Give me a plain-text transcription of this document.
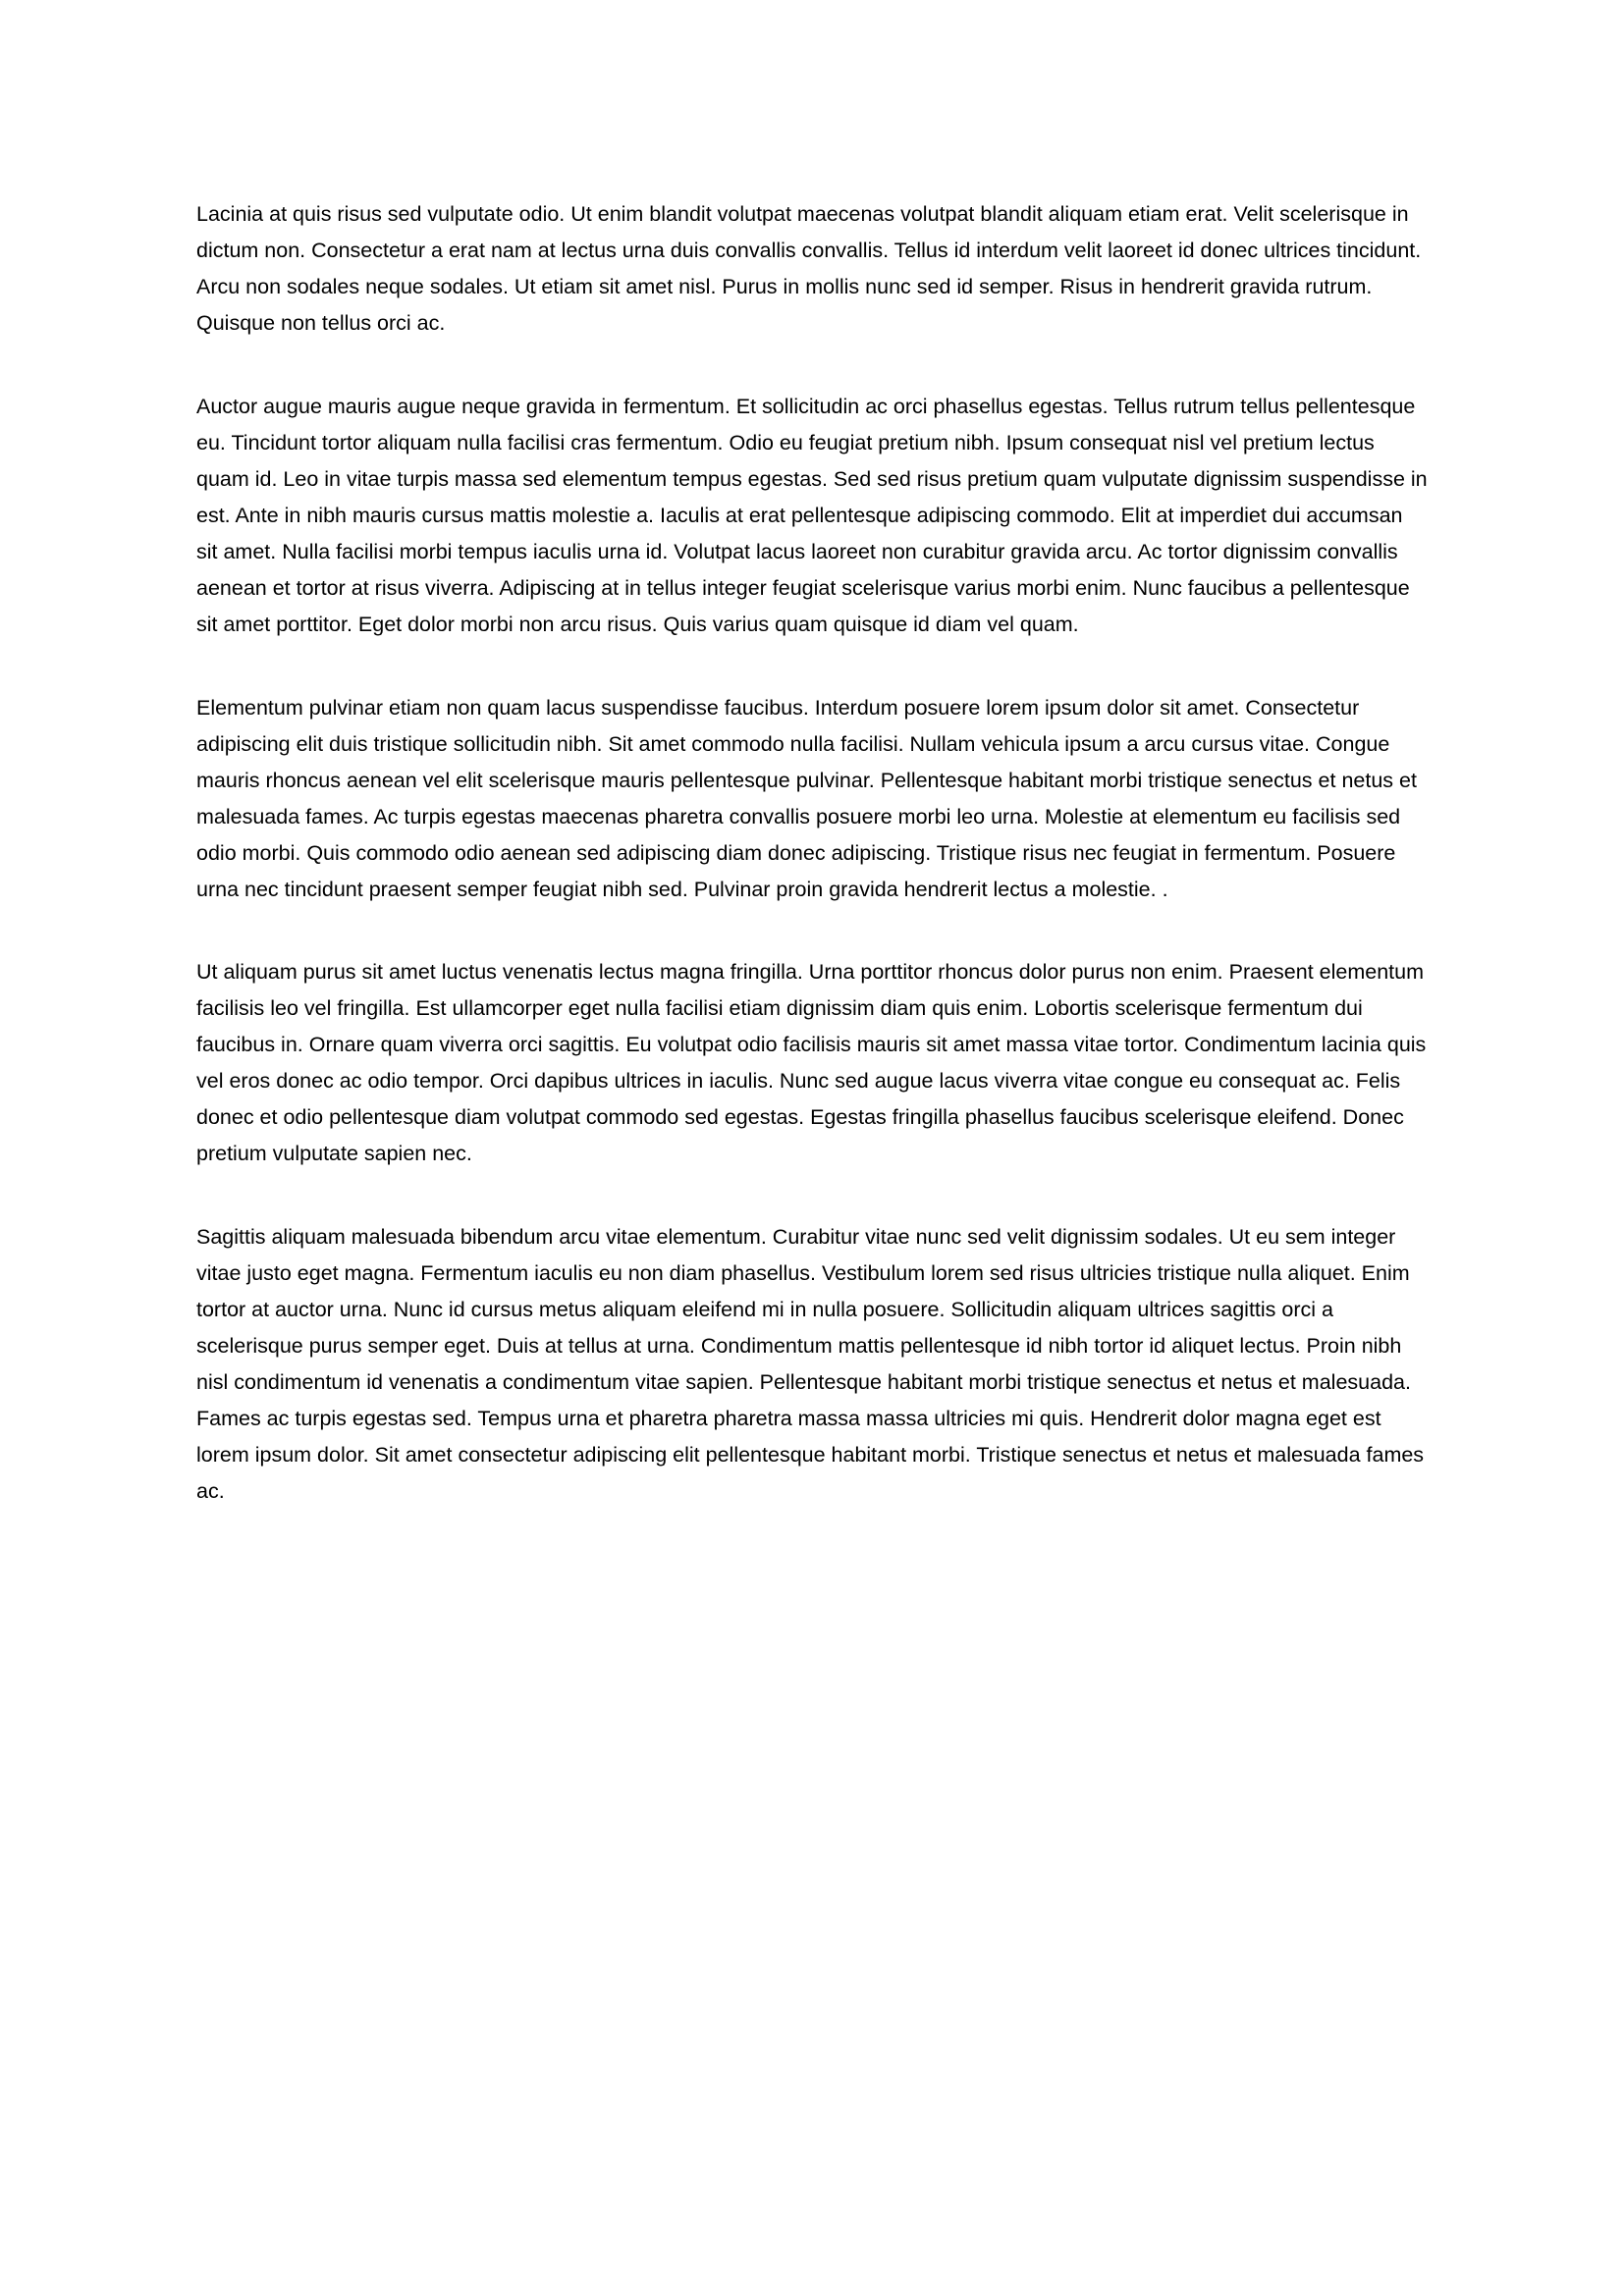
Lacinia at quis risus sed vulputate odio. Ut enim blandit volutpat maecenas volutpat blandit aliquam etiam erat. Velit scelerisque in dictum non. Consectetur a erat nam at lectus urna duis convallis convallis. Tellus id interdum velit laoreet id donec ultrices tincidunt. Arcu non sodales neque sodales. Ut etiam sit amet nisl. Purus in mollis nunc sed id semper. Risus in hendrerit gravida rutrum. Quisque non tellus orci ac.

Auctor augue mauris augue neque gravida in fermentum. Et sollicitudin ac orci phasellus egestas. Tellus rutrum tellus pellentesque eu. Tincidunt tortor aliquam nulla facilisi cras fermentum. Odio eu feugiat pretium nibh. Ipsum consequat nisl vel pretium lectus quam id. Leo in vitae turpis massa sed elementum tempus egestas. Sed sed risus pretium quam vulputate dignissim suspendisse in est. Ante in nibh mauris cursus mattis molestie a. Iaculis at erat pellentesque adipiscing commodo. Elit at imperdiet dui accumsan sit amet. Nulla facilisi morbi tempus iaculis urna id. Volutpat lacus laoreet non curabitur gravida arcu. Ac tortor dignissim convallis aenean et tortor at risus viverra. Adipiscing at in tellus integer feugiat scelerisque varius morbi enim. Nunc faucibus a pellentesque sit amet porttitor. Eget dolor morbi non arcu risus. Quis varius quam quisque id diam vel quam.

Elementum pulvinar etiam non quam lacus suspendisse faucibus. Interdum posuere lorem ipsum dolor sit amet. Consectetur adipiscing elit duis tristique sollicitudin nibh. Sit amet commodo nulla facilisi. Nullam vehicula ipsum a arcu cursus vitae. Congue mauris rhoncus aenean vel elit scelerisque mauris pellentesque pulvinar. Pellentesque habitant morbi tristique senectus et netus et malesuada fames. Ac turpis egestas maecenas pharetra convallis posuere morbi leo urna. Molestie at elementum eu facilisis sed odio morbi. Quis commodo odio aenean sed adipiscing diam donec adipiscing. Tristique risus nec feugiat in fermentum. Posuere urna nec tincidunt praesent semper feugiat nibh sed. Pulvinar proin gravida hendrerit lectus a molestie. .

Ut aliquam purus sit amet luctus venenatis lectus magna fringilla. Urna porttitor rhoncus dolor purus non enim. Praesent elementum facilisis leo vel fringilla. Est ullamcorper eget nulla facilisi etiam dignissim diam quis enim. Lobortis scelerisque fermentum dui faucibus in. Ornare quam viverra orci sagittis. Eu volutpat odio facilisis mauris sit amet massa vitae tortor. Condimentum lacinia quis vel eros donec ac odio tempor. Orci dapibus ultrices in iaculis. Nunc sed augue lacus viverra vitae congue eu consequat ac. Felis donec et odio pellentesque diam volutpat commodo sed egestas. Egestas fringilla phasellus faucibus scelerisque eleifend. Donec pretium vulputate sapien nec.

Sagittis aliquam malesuada bibendum arcu vitae elementum. Curabitur vitae nunc sed velit dignissim sodales. Ut eu sem integer vitae justo eget magna. Fermentum iaculis eu non diam phasellus. Vestibulum lorem sed risus ultricies tristique nulla aliquet. Enim tortor at auctor urna. Nunc id cursus metus aliquam eleifend mi in nulla posuere. Sollicitudin aliquam ultrices sagittis orci a scelerisque purus semper eget. Duis at tellus at urna. Condimentum mattis pellentesque id nibh tortor id aliquet lectus. Proin nibh nisl condimentum id venenatis a condimentum vitae sapien. Pellentesque habitant morbi tristique senectus et netus et malesuada. Fames ac turpis egestas sed. Tempus urna et pharetra pharetra massa massa ultricies mi quis. Hendrerit dolor magna eget est lorem ipsum dolor. Sit amet consectetur adipiscing elit pellentesque habitant morbi. Tristique senectus et netus et malesuada fames ac.
